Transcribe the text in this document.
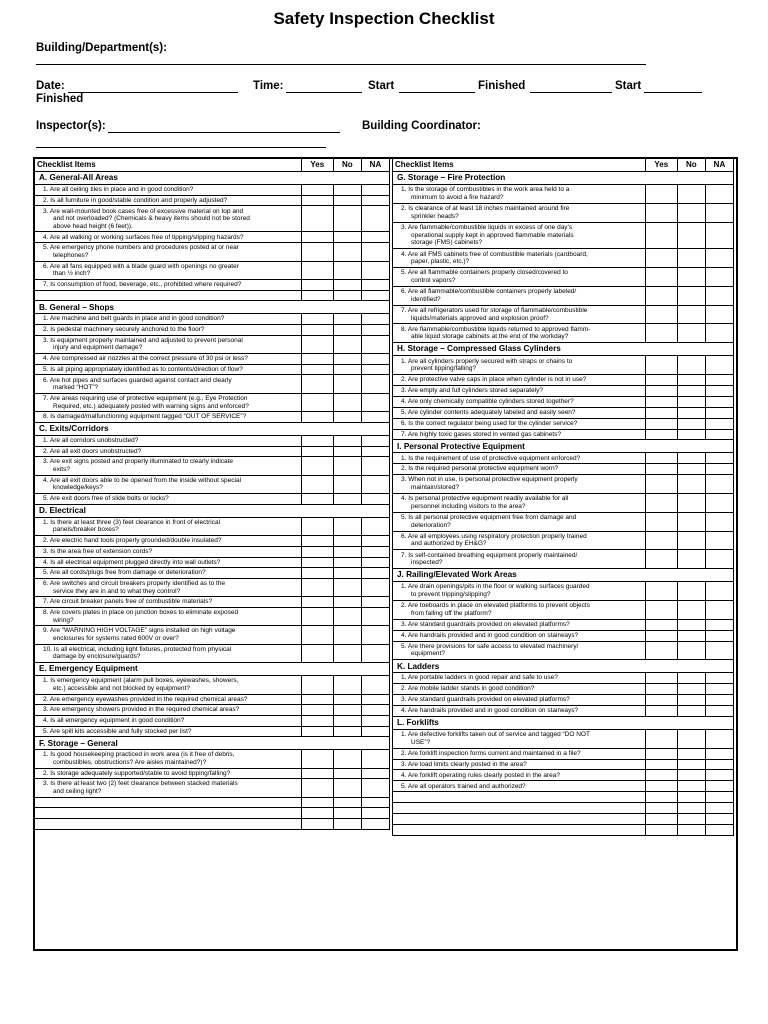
Safety Inspection Checklist
Building/Department(s):
Date:	Time:	Start	Finished	Start
Finished
Inspector(s):	Building Coordinator:
Checklist Items	Yes	No	NA
A. General-All Areas			

1. Are all ceiling tiles in place and in good condition?			

2. Is all furniture in good/stable condition and properly adjusted?			

3. Are wall-mounted book cases free of excessive material on top and
and not overloaded? (Chemicals & heavy items should not be stored
above head height (6 feet)).			

4. Are all walking or working surfaces free of tipping/slipping hazards?			

5. Are emergency phone numbers and procedures posted at or near
telephones?			

6. Are all fans equipped with a blade guard with openings no greater
than ½ inch?			

7. Is consumption of food, beverage, etc., prohibited where required?			

B. General – Shops			

1. Are machine and belt guards in place and in good condition?			

2. Is pedestal machinery securely anchored to the floor?			

3. Is equipment properly maintained and adjusted to prevent personal
injury and equipment damage?			

4. Are compressed air nozzles at the correct pressure of 30 psi or less?			

5. Is all piping appropriately identified as to contents/direction of flow?			

6. Are hot pipes and surfaces guarded against contact and clearly
marked “HOT”?			

7. Are areas requiring use of protective equipment (e.g., Eye Protection
Required, etc.) adequately posted with warning signs and enforced?			

8. Is damaged/malfunctioning equipment tagged “OUT OF SERVICE”?			

C. Exits/Corridors			

1. Are all corridors unobstructed?			

2. Are all exit doors unobstructed?			

3. Are exit signs posted and properly illuminated to clearly indicate
exits?			

4. Are all exit doors able to be opened from the inside without special
knowledge/keys?			

5. Are exit doors free of slide bolts or locks?			

D. Electrical			

1. Is there at least three (3) feet clearance in front of electrical
panels/breaker boxes?			

2. Are electric hand tools properly grounded/double insulated?			

3. Is the area free of extension cords?			

4. Is all electrical equipment plugged directly into wall outlets?			

5. Are all cords/plugs free from damage or deterioration?			

6. Are switches and circuit breakers properly identified as to the
service they are in and to what they control?			

7. Are circuit breaker panels free of combustible materials?			

8. Are covers plates in place on junction boxes to eliminate exposed
wiring?			

9. Are “WARNING HIGH VOLTAGE” signs installed on high voltage
enclosures for systems rated 600V or over?			

10. Is all electrical, including light fixtures, protected from physical
damage by enclosure/guards?			

E. Emergency Equipment			

1. Is emergency equipment (alarm pull boxes, eyewashes, showers,
etc.) accessible and not blocked by equipment?			

2. Are emergency eyewashes provided in the required chemical areas?			

3. Are emergency showers provided in the required chemical areas?			

4. Is all emergency equipment in good condition?			

5. Are spill kits accessible and fully stocked per list?			

F. Storage – General			

1. Is good housekeeping practiced in work area (is it free of debris,
combustibles, obstructions? Are aisles maintained?)?			

2. Is storage adequately supported/stable to avoid tipping/falling?			

3. Is there at least two (2) feet clearance between stacked materials
and ceiling light?			

Checklist Items	Yes	No	NA
G. Storage – Fire Protection			

1. Is the storage of combustibles in the work area held to a
minimum to avoid a fire hazard?			

2. Is clearance of at least 18 inches maintained around fire
sprinkler heads?			

3. Are flammable/combustible liquids in excess of one day’s
operational supply kept in approved flammable materials
storage (FMS) cabinets?			

4. Are all FMS cabinets free of combustible materials (cardboard,
paper, plastic, etc.)?			

5. Are all flammable containers properly closed/covered to
control vapors?			

6. Are all flammable/combustible containers properly labeled/
identified?			

7. Are all refrigerators used for storage of flammable/combustible
liquids/materials approved and explosion proof?			

8. Are flammable/combustible liquids returned to approved flamm-
able liquid storage cabinets at the end of the workday?			

H. Storage – Compressed Glass Cylinders			

1. Are all cylinders properly secured with straps or chains to
prevent tipping/falling?			

2. Are protective valve caps in place when cylinder is not in use?			

3. Are empty and full cylinders stored separately?			

4. Are only chemically compatible cylinders stored together?			

5. Are cylinder contents adequately labeled and easily seen?			

6. Is the correct regulator being used for the cylinder service?			

7. Are highly toxic gases stored in vented gas cabinets?			

I. Personal Protective Equipment			

1. Is the requirement of use of protective equipment enforced?			

2. Is the required personal protective equipment worn?			

3. When not in use, is personal protective equipment properly
maintain/stored?			

4. Is personal protective equipment readily available for all
personnel including visitors to the area?			

5. Is all personal protective equipment free from damage and
deterioration?			

6. Are all employees using respiratory protection properly trained
and authorized by EH&G?			

7. Is self-contained breathing equipment properly maintained/
inspected?			

J. Railing/Elevated Work Areas			

1. Are drain openings/pits in the floor or walking surfaces guarded
to prevent tripping/slipping?			

2. Are toeboards in place on elevated platforms to prevent objects
from falling off the platform?			

3. Are standard guardrails provided on elevated platforms?			

4. Are handrails provided and in good condition on stairways?			

5. Are there provisions for safe access to elevated machinery/
equipment?			

K. Ladders			

1. Are portable ladders in good repair and safe to use?			

2. Are mobile ladder stands in good condition?			

3. Are standard guardrails provided on elevated platforms?			

4. Are handrails provided and in good condition on stairways?			

L. Forklifts			

1. Are defective forklifts taken out of service and tagged “DO NOT
USE”?			

2. Are forklift inspection forms current and maintained in a file?			

3. Are load limits clearly posted in the area?			

4. Are forklift operating rules clearly posted in the area?			

5. Are all operators trained and authorized?			
